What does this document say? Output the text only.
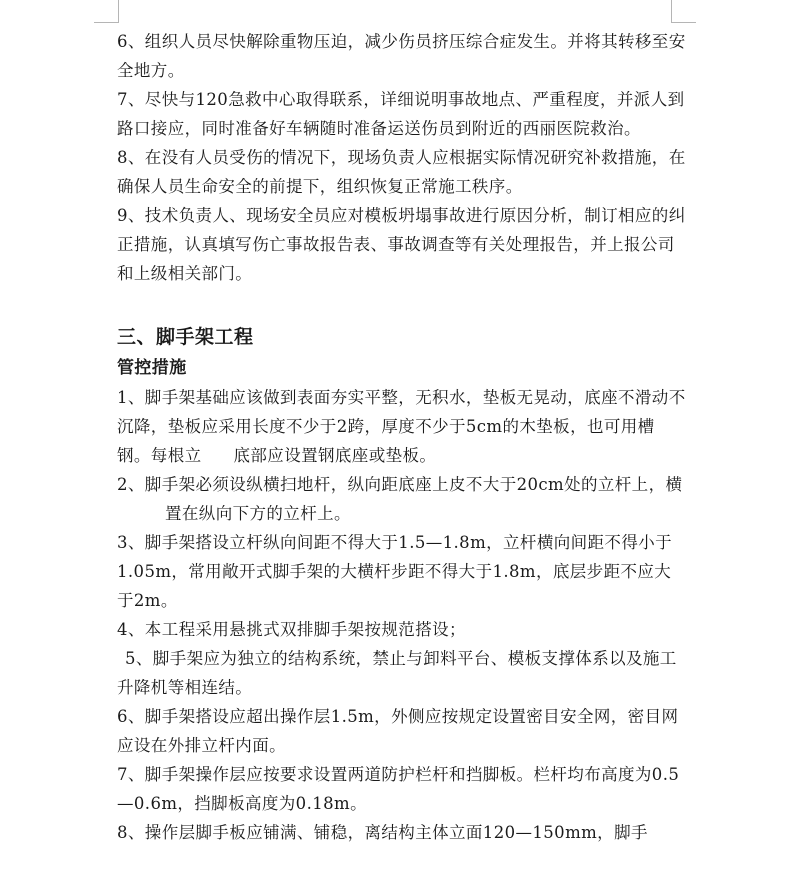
6、组织人员尽快解除重物压迫，减少伤员挤压综合症发生。并将其转移至安全地方。

7、尽快与120急救中心取得联系，详细说明事故地点、严重程度，并派人到路口接应，同时准备好车辆随时准备运送伤员到附近的西丽医院救治。

8、在没有人员受伤的情况下，现场负责人应根据实际情况研究补救措施，在确保人员生命安全的前提下，组织恢复正常施工秩序。

9、技术负责人、现场安全员应对模板坍塌事故进行原因分析，制订相应的纠正措施，认真填写伤亡事故报告表、事故调查等有关处理报告，并上报公司和上级相关部门。

三、脚手架工程
管控措施

1、脚手架基础应该做到表面夯实平整，无积水，垫板无晃动，底座不滑动不沉降，垫板应采用长度不少于2跨，厚度不少于5cm的木垫板，也可用槽钢。每根立 底部应设置钢底座或垫板。

2、脚手架必须设纵横扫地杆，纵向距底座上皮不大于20cm处的立杆上，横置在纵向下方的立杆上。

3、脚手架搭设立杆纵向间距不得大于1.5—1.8m，立杆横向间距不得小于1.05m，常用敞开式脚手架的大横杆步距不得大于1.8m，底层步距不应大于2m。

4、本工程采用悬挑式双排脚手架按规范搭设；

5、脚手架应为独立的结构系统，禁止与卸料平台、模板支撑体系以及施工升降机等相连结。

6、脚手架搭设应超出操作层1.5m，外侧应按规定设置密目安全网，密目网应设在外排立杆内面。

7、脚手架操作层应按要求设置两道防护栏杆和挡脚板。栏杆均布高度为0.5—0.6m，挡脚板高度为0.18m。

8、操作层脚手板应铺满、铺稳，离结构主体立面120—150mm，脚手
